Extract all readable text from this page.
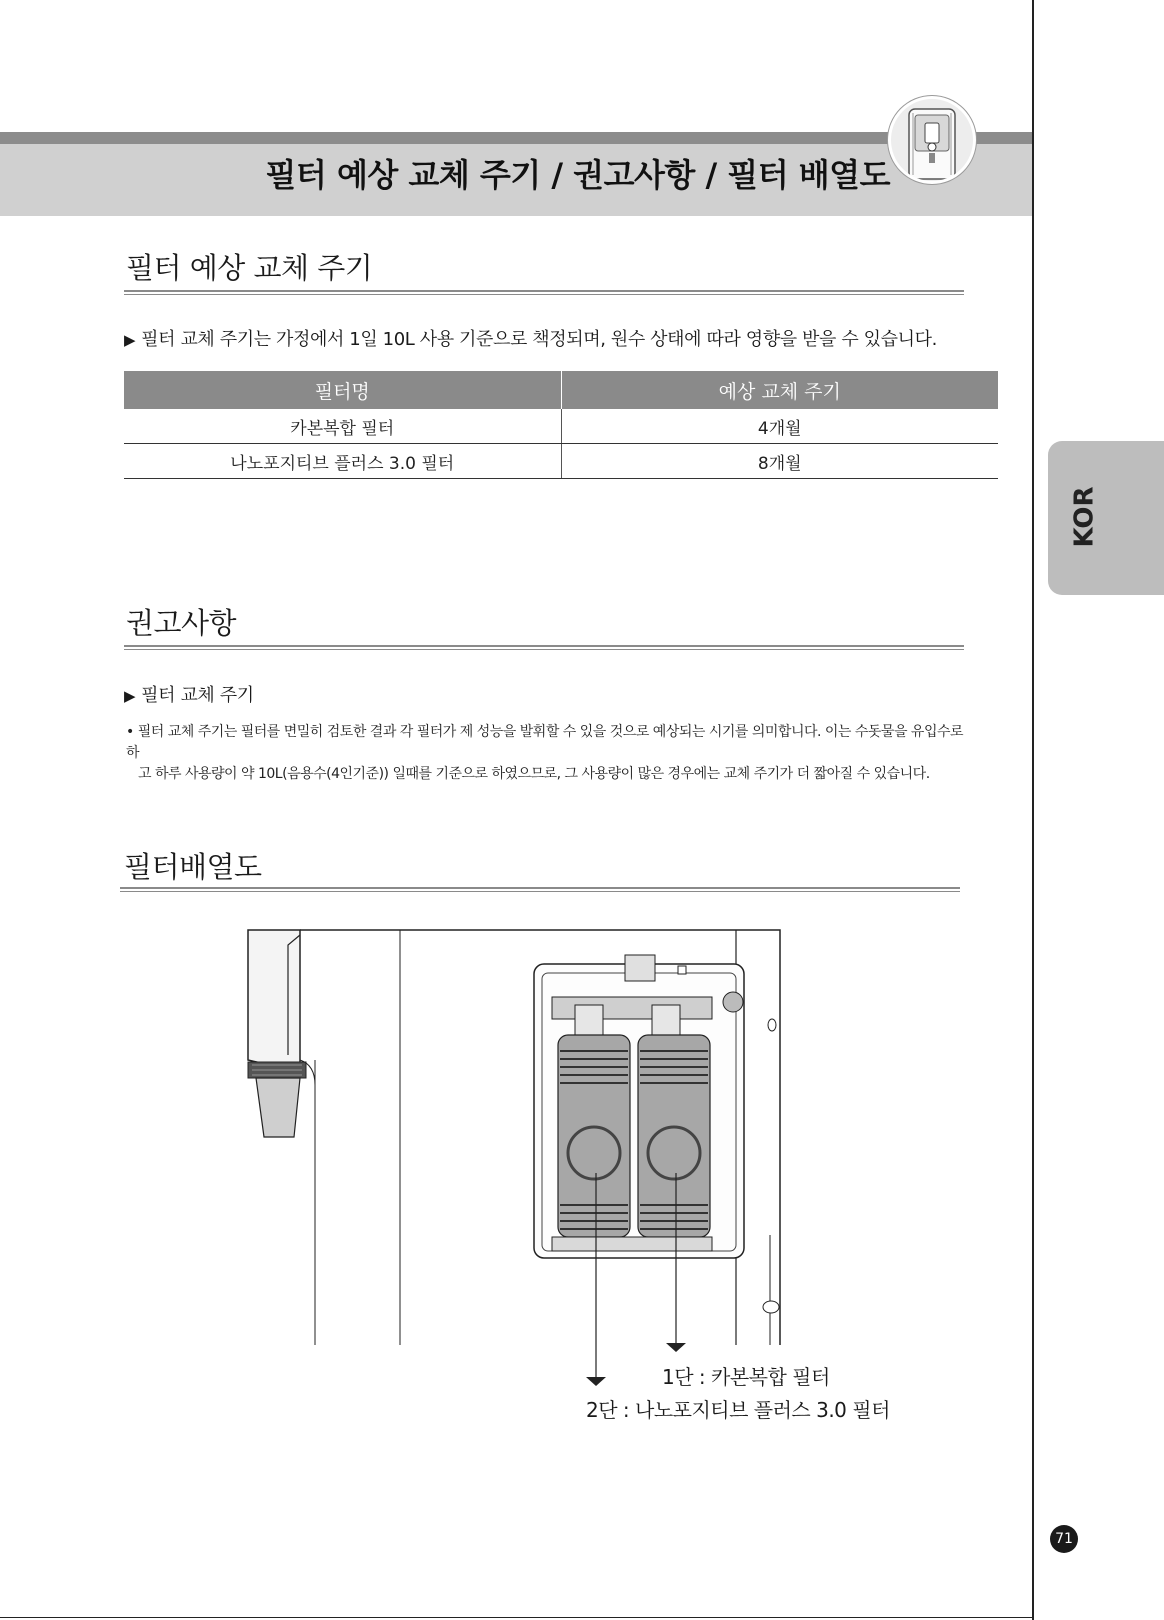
필터 예상 교체 주기 / 권고사항 / 필터 배열도
필터 예상 교체 주기
▶ 필터 교체 주기는 가정에서 1일 10L 사용 기준으로 책정되며, 원수 상태에 따라 영향을 받을 수 있습니다.
필터명	예상 교체 주기
카본복합 필터	4개월
나노포지티브 플러스 3.0 필터	8개월
권고사항
▶ 필터 교체 주기
• 필터 교체 주기는 필터를 면밀히 검토한 결과 각 필터가 제 성능을 발휘할 수 있을 것으로 예상되는 시기를 의미합니다. 이는 수돗물을 유입수로 하
고 하루 사용량이 약 10L(음용수(4인기준)) 일때를 기준으로 하였으므로, 그 사용량이 많은 경우에는 교체 주기가 더 짧아질 수 있습니다.
필터배열도
1단 : 카본복합 필터
2단 : 나노포지티브 플러스 3.0 필터
KOR
71
